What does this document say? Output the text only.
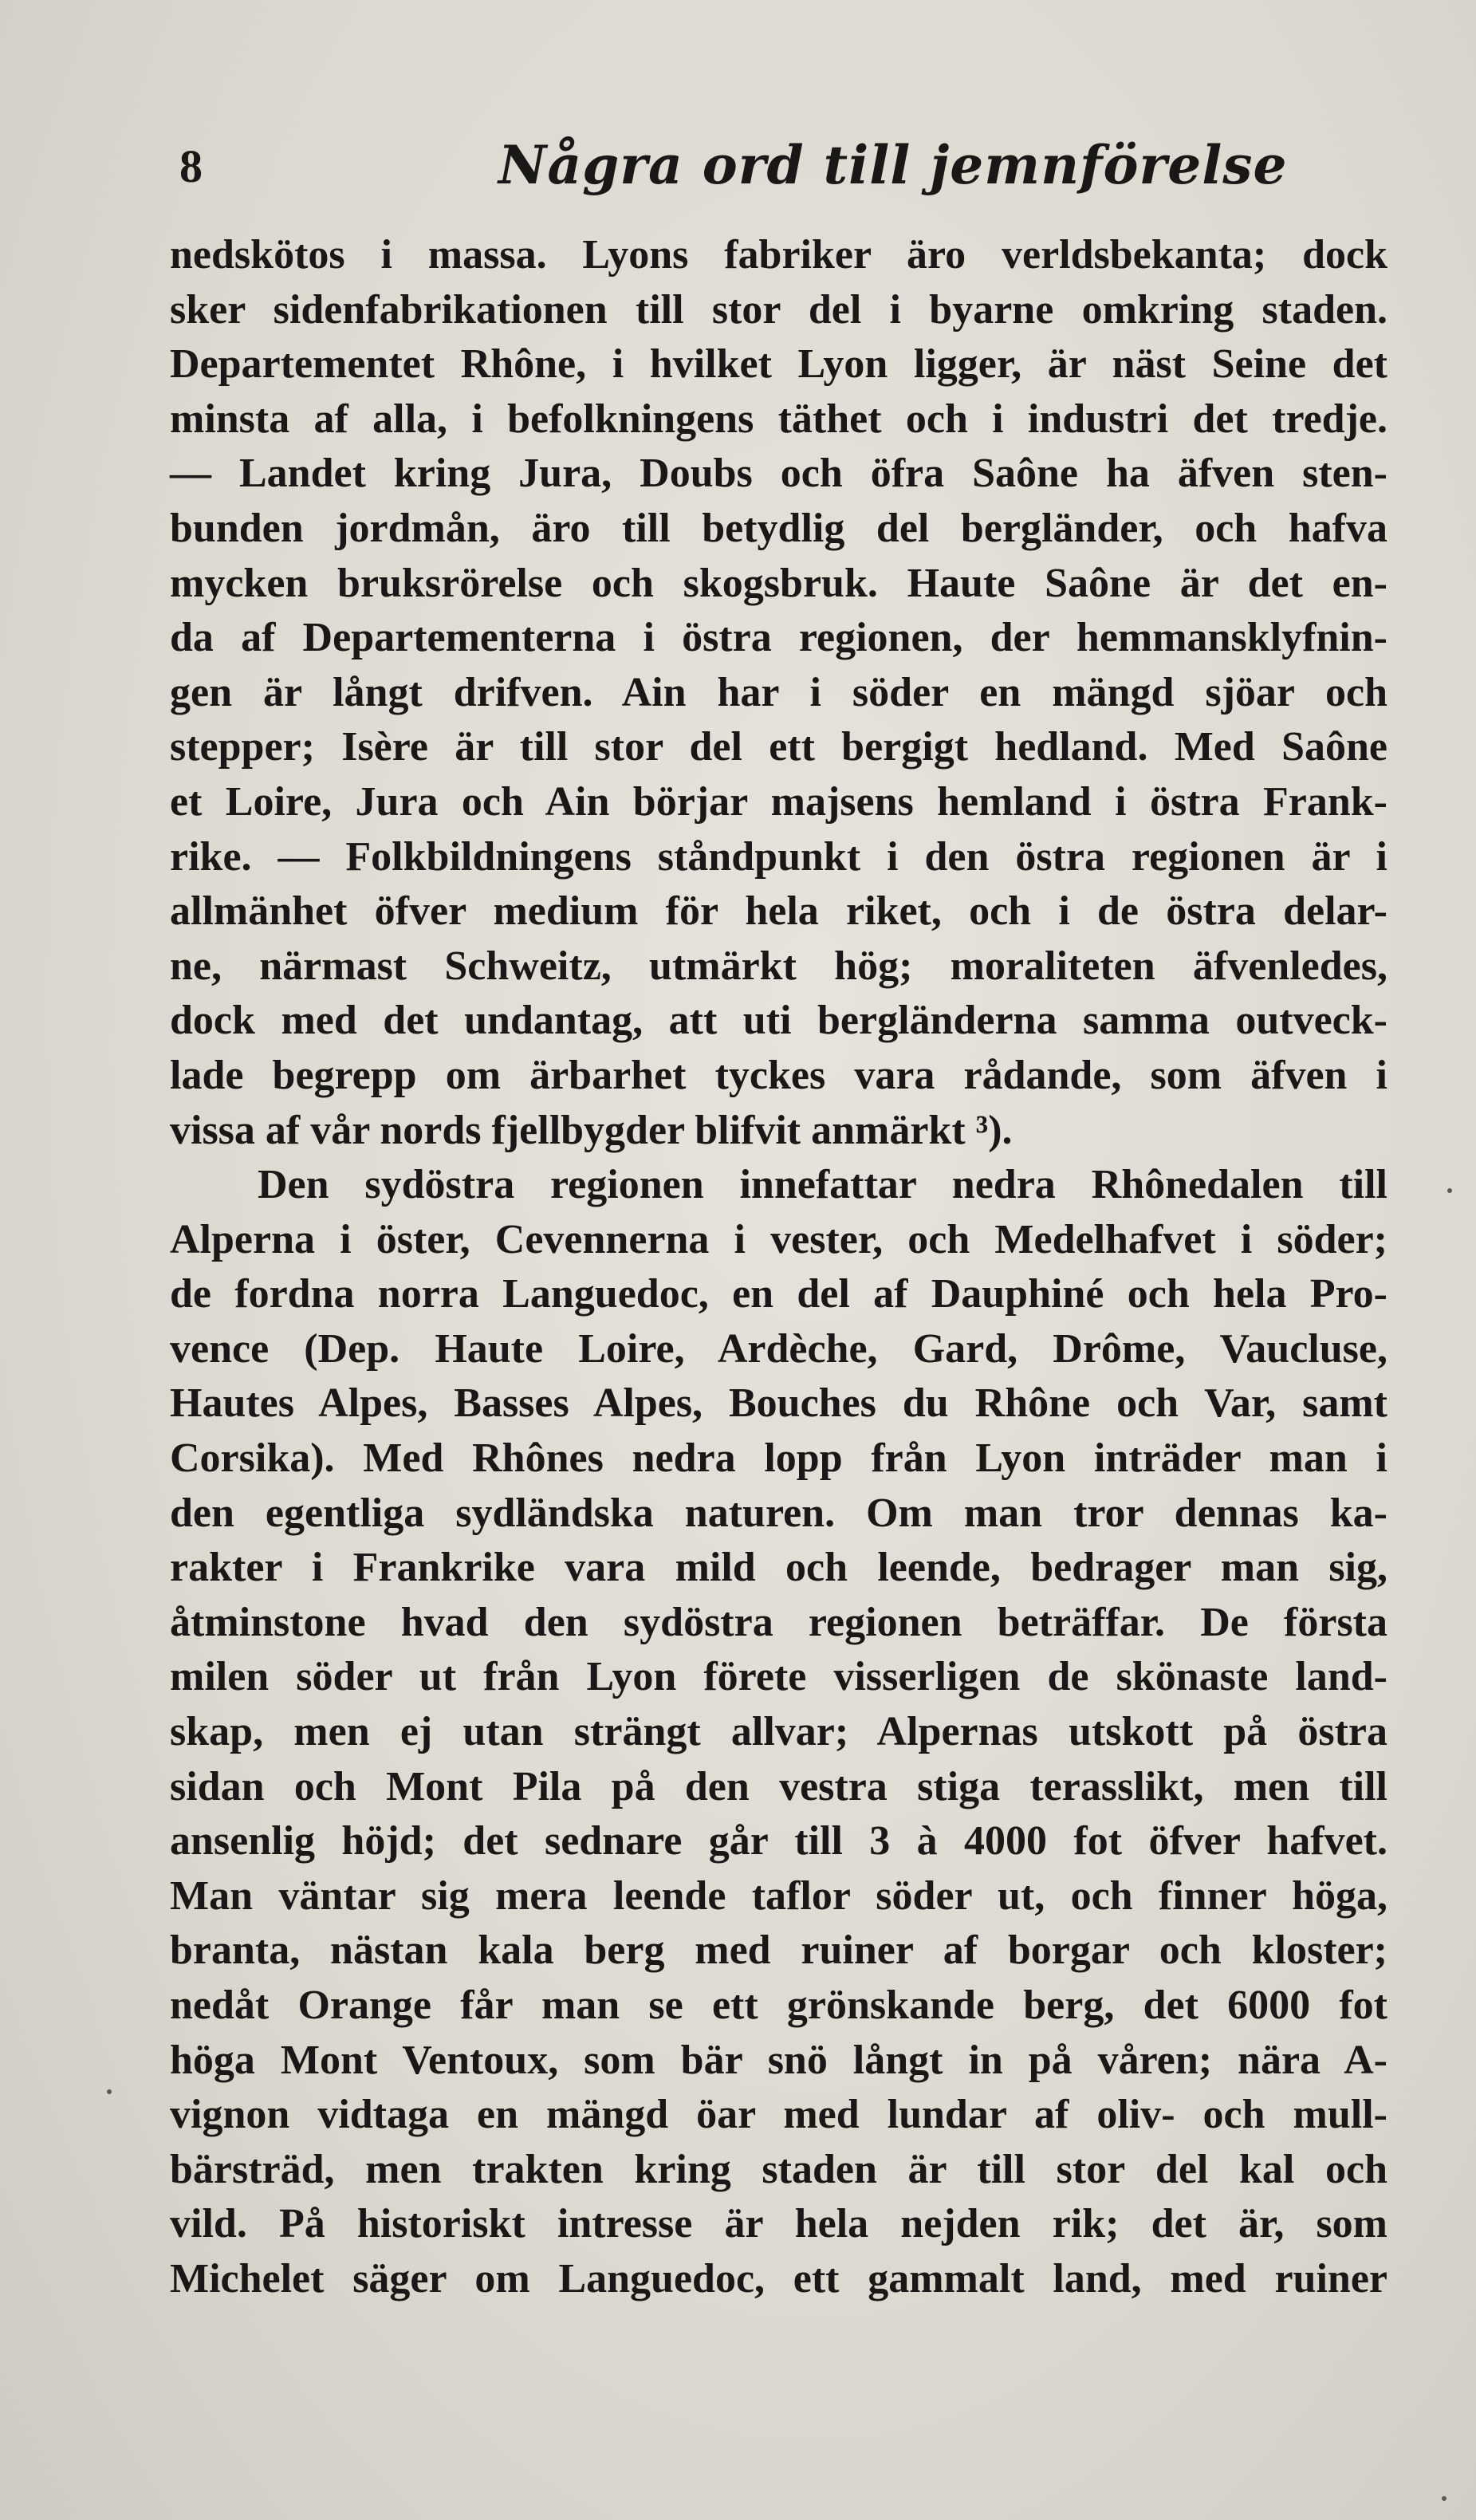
8	Några ord till jemnförelse
nedskötos i massa. Lyons fabriker äro verldsbekanta; dock
sker sidenfabrikationen till stor del i byarne omkring staden.
Departementet Rhône, i hvilket Lyon ligger, är näst Seine det
minsta af alla, i befolkningens täthet och i industri det tredje.
— Landet kring Jura, Doubs och öfra Saône ha äfven sten-
bunden jordmån, äro till betydlig del bergländer, och hafva
mycken bruksrörelse och skogsbruk. Haute Saône är det en-
da af Departementerna i östra regionen, der hemmansklyfnin-
gen är långt drifven. Ain har i söder en mängd sjöar och
stepper; Isère är till stor del ett bergigt hedland. Med Saône
et Loire, Jura och Ain börjar majsens hemland i östra Frank-
rike. — Folkbildningens ståndpunkt i den östra regionen är i
allmänhet öfver medium för hela riket, och i de östra delar-
ne, närmast Schweitz, utmärkt hög; moraliteten äfvenledes,
dock med det undantag, att uti bergländerna samma outveck-
lade begrepp om ärbarhet tyckes vara rådande, som äfven i
vissa af vår nords fjellbygder blifvit anmärkt ³).
Den sydöstra regionen innefattar nedra Rhônedalen till
Alperna i öster, Cevennerna i vester, och Medelhafvet i söder;
de fordna norra Languedoc, en del af Dauphiné och hela Pro-
vence (Dep. Haute Loire, Ardèche, Gard, Drôme, Vaucluse,
Hautes Alpes, Basses Alpes, Bouches du Rhône och Var, samt
Corsika). Med Rhônes nedra lopp från Lyon inträder man i
den egentliga sydländska naturen. Om man tror dennas ka-
rakter i Frankrike vara mild och leende, bedrager man sig,
åtminstone hvad den sydöstra regionen beträffar. De första
milen söder ut från Lyon förete visserligen de skönaste land-
skap, men ej utan strängt allvar; Alpernas utskott på östra
sidan och Mont Pila på den vestra stiga terasslikt, men till
ansenlig höjd; det sednare går till 3 à 4000 fot öfver hafvet.
Man väntar sig mera leende taflor söder ut, och finner höga,
branta, nästan kala berg med ruiner af borgar och kloster;
nedåt Orange får man se ett grönskande berg, det 6000 fot
höga Mont Ventoux, som bär snö långt in på våren; nära A-
vignon vidtaga en mängd öar med lundar af oliv- och mull-
bärsträd, men trakten kring staden är till stor del kal och
vild. På historiskt intresse är hela nejden rik; det är, som
Michelet säger om Languedoc, ett gammalt land, med ruiner
